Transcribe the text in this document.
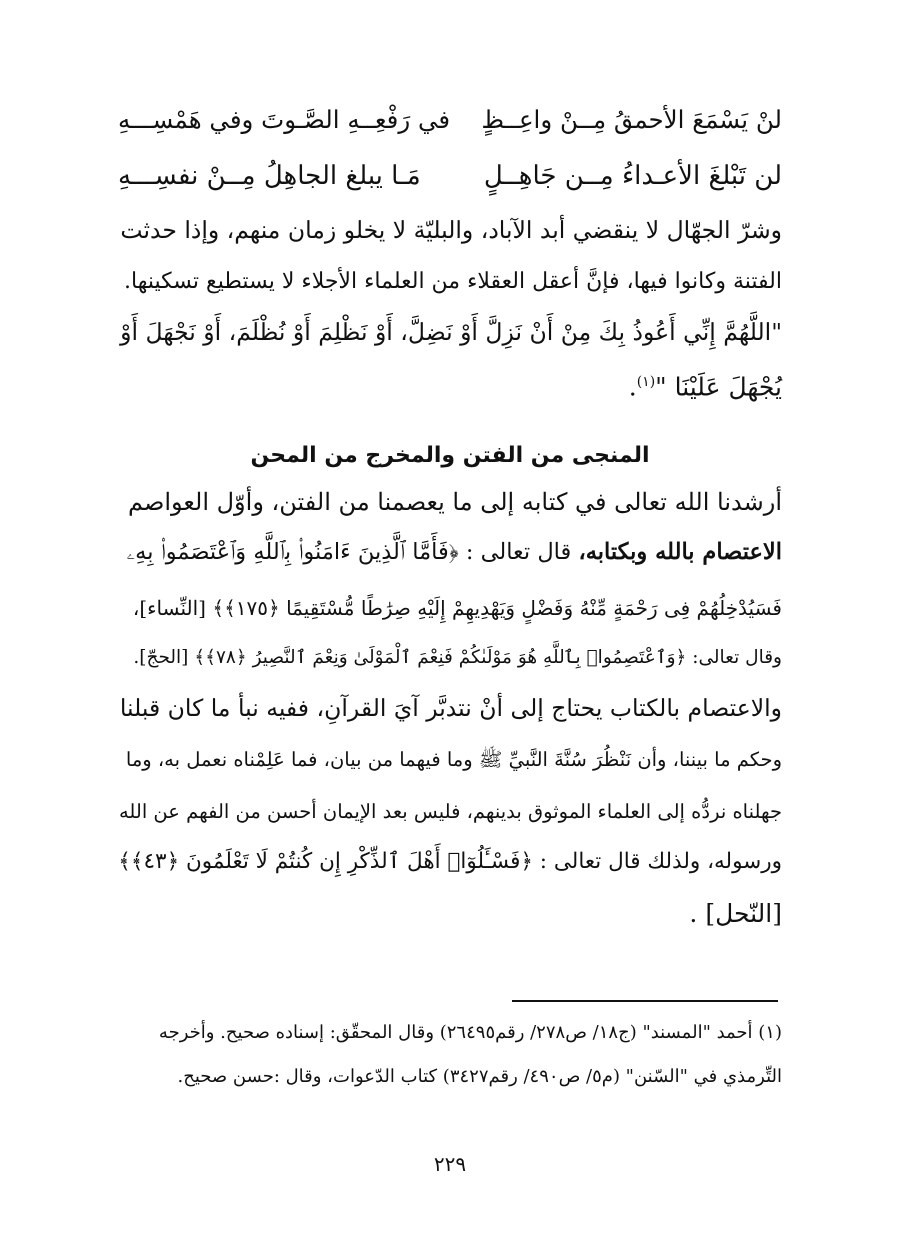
لنْ يَسْمَعَ الأحمقُ مِــنْ واعِــظٍ
في رَفْعِــهِ الصَّـوتَ وفي هَمْسِـــهِ
لن تَبْلغَ الأعـداءُ مِــن جَاهِــلٍ
مَـا يبلغ الجاهِلُ مِــنْ نفسِـــهِ
وشرّ الجهّال لا ينقضي أبد الآباد، والبليّة لا يخلو زمان منهم، وإذا حدثت
الفتنة وكانوا فيها، فإنَّ أعقل العقلاء من العلماء الأجلاء لا يستطيع تسكينها.
"اللَّهُمَّ إِنِّي أَعُوذُ بِكَ مِنْ أَنْ نَزِلَّ أَوْ نَضِلَّ، أَوْ نَظْلِمَ أَوْ نُظْلَمَ، أَوْ نَجْهَلَ أَوْ
يُجْهَلَ عَلَيْنَا "$^{(١)}$.
المنجى من الفتن والمخرج من المحن
أرشدنا الله تعالى في كتابه إلى ما يعصمنا من الفتن، وأوّل العواصم
الاعتصام بالله وبكتابه، قال تعالى : ﴿فَأَمَّا ٱلَّذِينَ ءَامَنُوا۟ بِٱللَّهِ وَٱعْتَصَمُوا۟ بِهِۦ
فَسَيُدْخِلُهُمْ فِى رَحْمَةٍ مِّنْهُ وَفَضْلٍ وَيَهْدِيهِمْ إِلَيْهِ صِرَٰطًا مُّسْتَقِيمًا ﴿١٧٥﴾﴾ [النِّساء]،
وقال تعالى: ﴿وَٱعْتَصِمُوا۟ بِٱللَّهِ هُوَ مَوْلَىٰكُمْ فَنِعْمَ ٱلْمَوْلَىٰ وَنِعْمَ ٱلنَّصِيرُ ﴿٧٨﴾﴾ [الحجّ].
والاعتصام بالكتاب يحتاج إلى أنْ نتدبَّر آيَ القرآنِ، ففيه نبأ ما كان قبلنا
وحكم ما بيننا، وأن نَنْظُرَ سُنَّةَ النَّبيِّ ﷺ وما فيهما من بيان، فما عَلِمْناه نعمل به، وما
جهلناه نردُّه إلى العلماء الموثوق بدينهم، فليس بعد الإيمان أحسن من الفهم عن الله
ورسوله، ولذلك قال تعالى : ﴿فَسْـَٔلُوٓا۟ أَهْلَ ٱلذِّكْرِ إِن كُنتُمْ لَا تَعْلَمُونَ ﴿٤٣﴾﴾
[النّحل] .
(١) أحمد "المسند" (ج١٨/ ص٢٧٨/ رقم٢٦٤٩٥) وقال المحقّق: إسناده صحيح. وأخرجه
التِّرمذي في "السّنن" (م٥/ ص٤٩٠/ رقم٣٤٢٧) كتاب الدّعوات، وقال :حسن صحيح.
٢٢٩
